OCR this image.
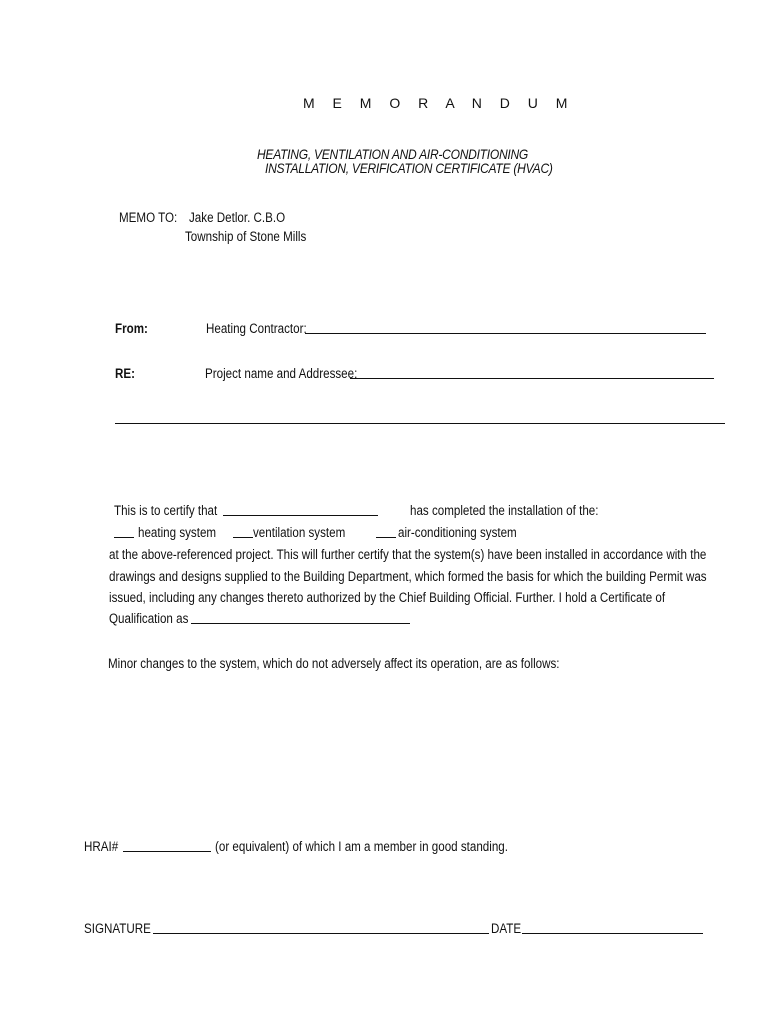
M E M O R A N D U M
HEATING, VENTILATION AND AIR-CONDITIONING
INSTALLATION, VERIFICATION CERTIFICATE (HVAC)
MEMO TO: Jake Detlor. C.B.O
Township of Stone Mills
From:	Heating Contractor:
RE:	Project name and Addressee:
This is to certify that	has completed the installation of the:
heating system	ventilation system	air-conditioning system
at the above-referenced project. This will further certify that the system(s) have been installed in accordance with the
drawings and designs supplied to the Building Department, which formed the basis for which the building Permit was
issued, including any changes thereto authorized by the Chief Building Official. Further. I hold a Certificate of
Qualification as
Minor changes to the system, which do not adversely affect its operation, are as follows:
HRAI#	(or equivalent) of which I am a member in good standing.
SIGNATURE	DATE
